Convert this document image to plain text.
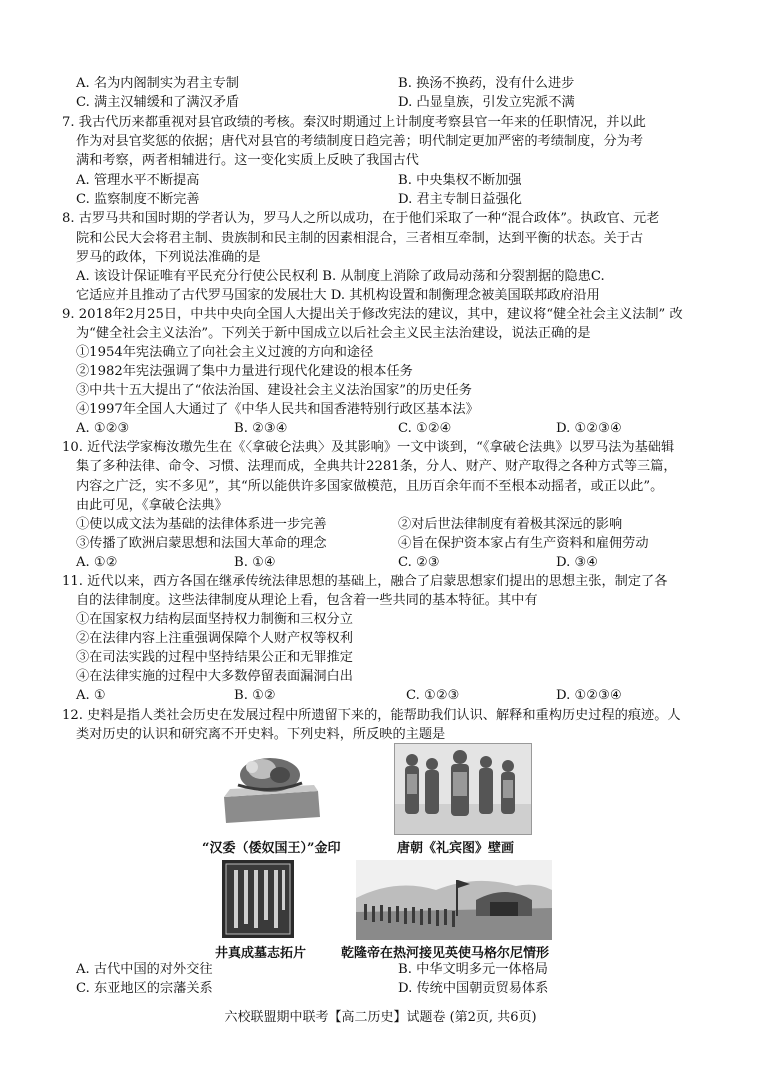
A. 名为内阁制实为君主专制	B. 换汤不换药，没有什么进步
C. 满主汉辅缓和了满汉矛盾	D. 凸显皇族，引发立宪派不满
7. 我古代历来都重视对县官政绩的考核。秦汉时期通过上计制度考察县官一年来的任职情况，并以此
作为对县官奖惩的依据；唐代对县官的考绩制度日趋完善；明代制定更加严密的考绩制度，分为考
满和考察，两者相辅进行。这一变化实质上反映了我国古代
A. 管理水平不断提高	B. 中央集权不断加强
C. 监察制度不断完善	D. 君主专制日益强化
8. 古罗马共和国时期的学者认为，罗马人之所以成功，在于他们采取了一种“混合政体”。执政官、元老
院和公民大会将君主制、贵族制和民主制的因素相混合，三者相互牵制，达到平衡的状态。关于古
罗马的政体，下列说法准确的是
A. 该设计保证唯有平民充分行使公民权利 B. 从制度上消除了政局动荡和分裂割据的隐患C.
它适应并且推动了古代罗马国家的发展壮大 D. 其机构设置和制衡理念被美国联邦政府沿用
9. 2018年2月25日，中共中央向全国人大提出关于修改宪法的建议，其中，建议将“健全社会主义法制” 改
为“健全社会主义法治”。下列关于新中国成立以后社会主义民主法治建设，说法正确的是
①1954年宪法确立了向社会主义过渡的方向和途径
②1982年宪法强调了集中力量进行现代化建设的根本任务
③中共十五大提出了“依法治国、建设社会主义法治国家”的历史任务
④1997年全国人大通过了《中华人民共和国香港特别行政区基本法》
A. ①②③	B. ②③④	C. ①②④	D. ①②③④
10. 近代法学家梅汝璈先生在《〈拿破仑法典〉及其影响》一文中谈到，“《拿破仑法典》以罗马法为基础辑
集了多种法律、命令、习惯、法理而成，全典共计2281条，分人、财产、财产取得之各种方式等三篇，
内容之广泛，实不多见”，其“所以能供许多国家做模范，且历百余年而不至根本动摇者，或正以此”。
由此可见，《拿破仑法典》
①使以成文法为基础的法律体系进一步完善	②对后世法律制度有着极其深远的影响
③传播了欧洲启蒙思想和法国大革命的理念	④旨在保护资本家占有生产资料和雇佣劳动
A. ①②	B. ①④	C. ②③	D. ③④
11. 近代以来，西方各国在继承传统法律思想的基础上，融合了启蒙思想家们提出的思想主张，制定了各
自的法律制度。这些法律制度从理论上看，包含着一些共同的基本特征。其中有
①在国家权力结构层面坚持权力制衡和三权分立
②在法律内容上注重强调保障个人财产权等权利
③在司法实践的过程中坚持结果公正和无罪推定
④在法律实施的过程中大多数停留表面漏洞白出
A. ①	B. ①②	C. ①②③	D. ①②③④
12. 史料是指人类社会历史在发展过程中所遗留下来的，能帮助我们认识、解释和重构历史过程的痕迹。人
类对历史的认识和研究离不开史料。下列史料，所反映的主题是
“汉委（倭奴国王）”金印	唐朝《礼宾图》壁画
井真成墓志拓片	乾隆帝在热河接见英使马格尔尼情形
A. 古代中国的对外交往	B. 中华文明多元一体格局
C. 东亚地区的宗藩关系	D. 传统中国朝贡贸易体系
六校联盟期中联考【高二历史】试题卷 (第2页, 共6页)
